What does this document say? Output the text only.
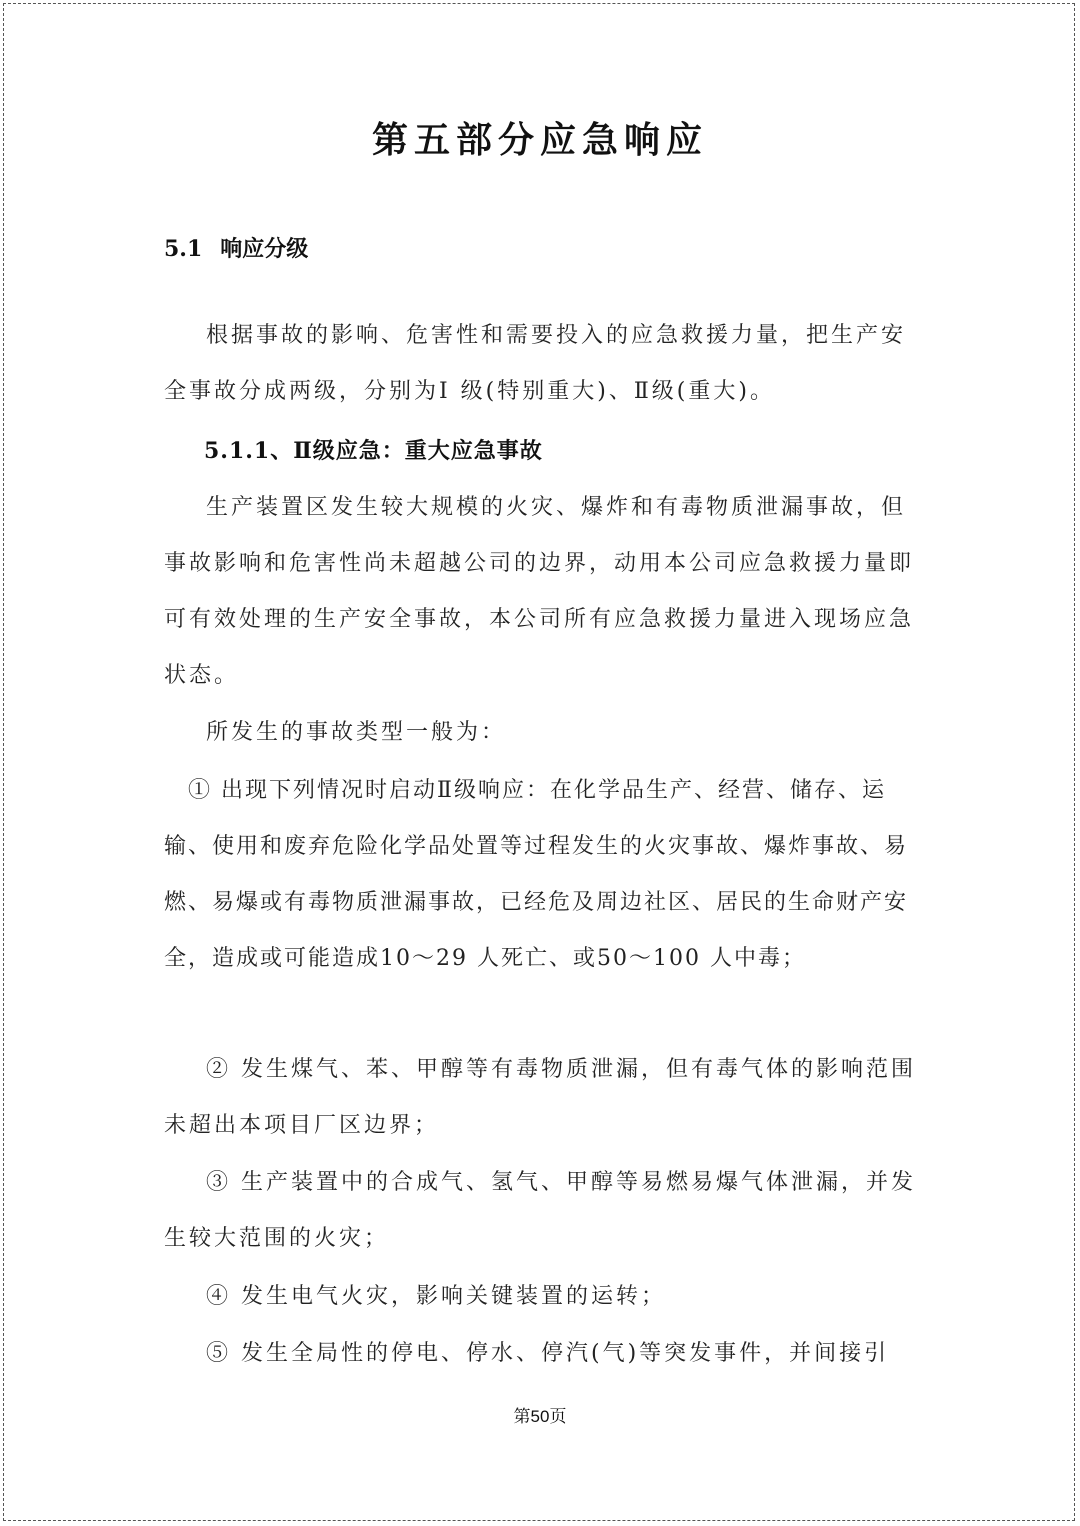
第五部分应急响应
5.1 响应分级

根据事故的影响、危害性和需要投入的应急救援力量，把生产安全事故分成两级，分别为Ⅰ 级(特别重大)、Ⅱ级(重大)。

5.1.1、Ⅱ级应急：重大应急事故

生产装置区发生较大规模的火灾、爆炸和有毒物质泄漏事故，但事故影响和危害性尚未超越公司的边界，动用本公司应急救援力量即可有效处理的生产安全事故，本公司所有应急救援力量进入现场应急状态。

所发生的事故类型一般为：

① 出现下列情况时启动Ⅱ级响应：在化学品生产、经营、储存、运输、使用和废弃危险化学品处置等过程发生的火灾事故、爆炸事故、易燃、易爆或有毒物质泄漏事故，已经危及周边社区、居民的生命财产安全，造成或可能造成10～29 人死亡、或50～100 人中毒；

② 发生煤气、苯、甲醇等有毒物质泄漏，但有毒气体的影响范围未超出本项目厂区边界；

③ 生产装置中的合成气、氢气、甲醇等易燃易爆气体泄漏，并发生较大范围的火灾；

④ 发生电气火灾，影响关键装置的运转；

⑤ 发生全局性的停电、停水、停汽(气)等突发事件，并间接引

第50页
